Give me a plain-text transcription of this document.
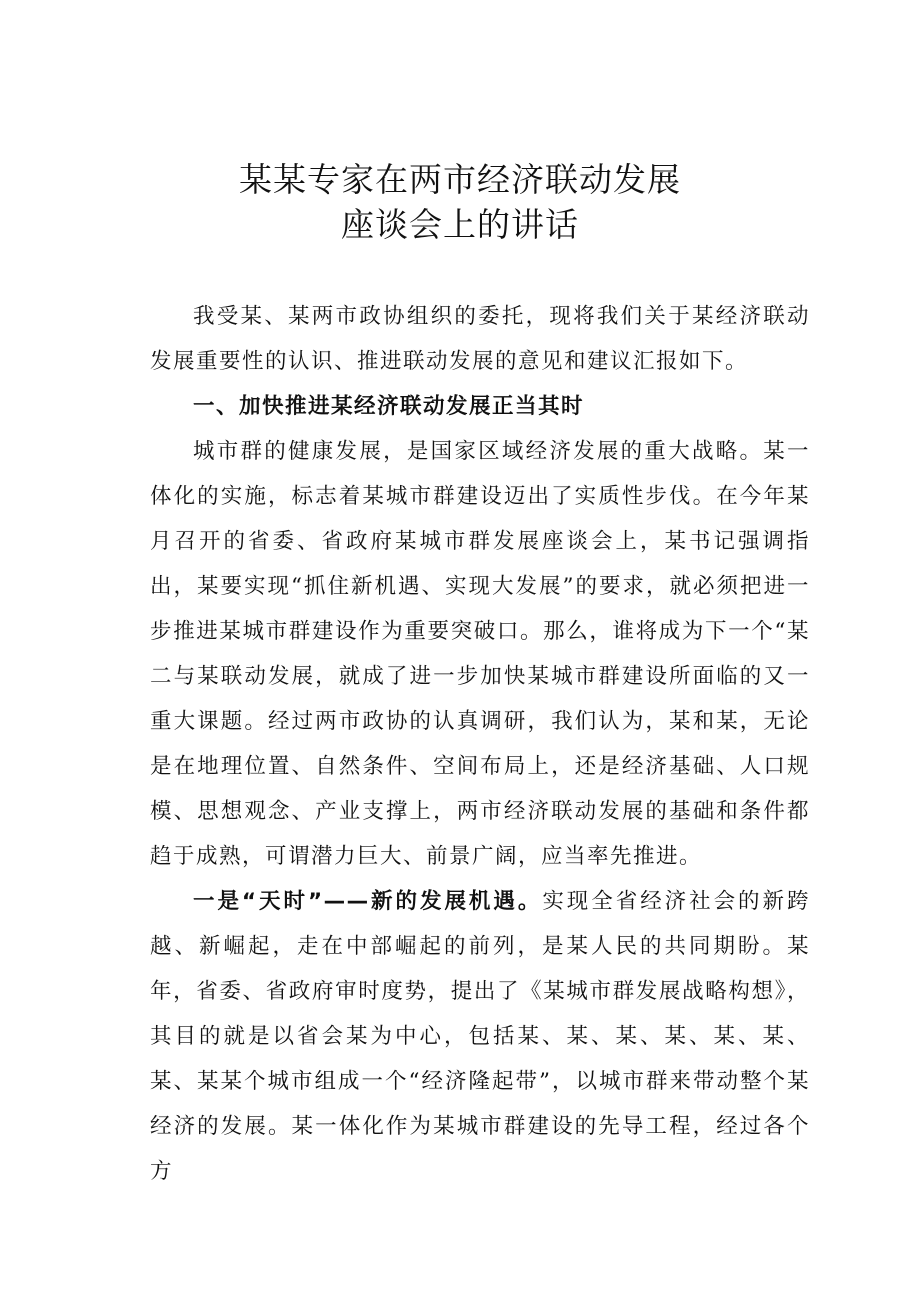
某某专家在两市经济联动发展
座谈会上的讲话

我受某、某两市政协组织的委托，现将我们关于某经济联动发展重要性的认识、推进联动发展的意见和建议汇报如下。

一、加快推进某经济联动发展正当其时

城市群的健康发展，是国家区域经济发展的重大战略。某一体化的实施，标志着某城市群建设迈出了实质性步伐。在今年某月召开的省委、省政府某城市群发展座谈会上，某书记强调指出，某要实现“抓住新机遇、实现大发展”的要求，就必须把进一步推进某城市群建设作为重要突破口。那么，谁将成为下一个“某二与某联动发展，就成了进一步加快某城市群建设所面临的又一重大课题。经过两市政协的认真调研，我们认为，某和某，无论是在地理位置、自然条件、空间布局上，还是经济基础、人口规模、思想观念、产业支撑上，两市经济联动发展的基础和条件都趋于成熟，可谓潜力巨大、前景广阔，应当率先推进。

一是“天时”——新的发展机遇。实现全省经济社会的新跨越、新崛起，走在中部崛起的前列，是某人民的共同期盼。某年，省委、省政府审时度势，提出了《某城市群发展战略构想》，其目的就是以省会某为中心，包括某、某、某、某、某、某、某、某某个城市组成一个“经济隆起带”，以城市群来带动整个某经济的发展。某一体化作为某城市群建设的先导工程，经过各个方
